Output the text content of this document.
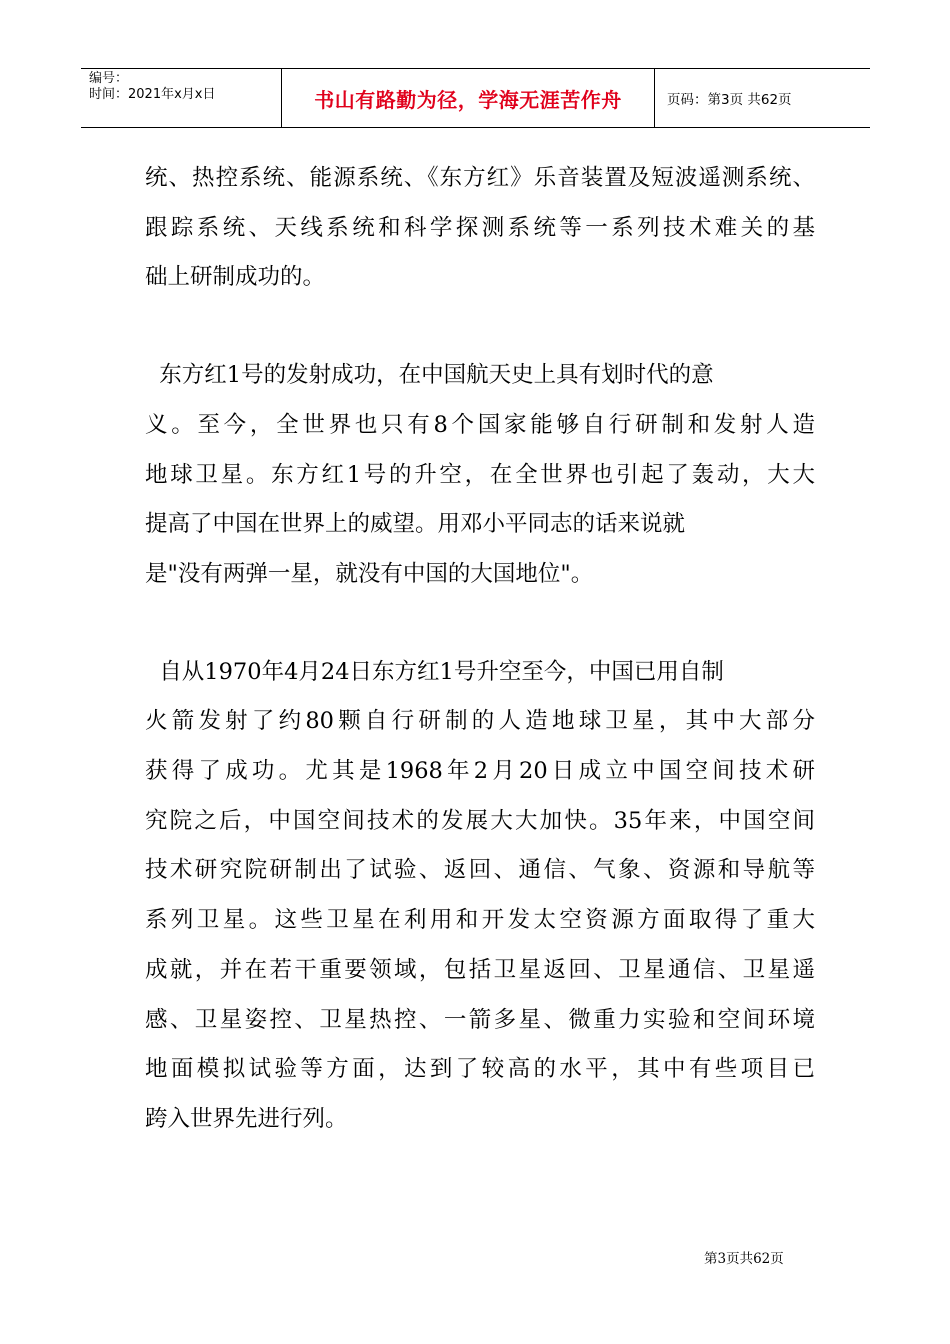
编号：
时间：2021年x月x日	书山有路勤为径，学海无涯苦作舟	页码：第3页 共62页

统、热控系统、能源系统、《东方红》乐音装置及短波遥测系统、
跟踪系统、天线系统和科学探测系统等一系列技术难关的基
础上研制成功的。

东方红1号的发射成功，在中国航天史上具有划时代的意
义。至今，全世界也只有8个国家能够自行研制和发射人造
地球卫星。东方红1号的升空，在全世界也引起了轰动，大大
提高了中国在世界上的威望。用邓小平同志的话来说就
是"没有两弹一星，就没有中国的大国地位"。

自从1970年4月24日东方红1号升空至今，中国已用自制
火箭发射了约80颗自行研制的人造地球卫星，其中大部分
获得了成功。尤其是1968年2月20日成立中国空间技术研
究院之后，中国空间技术的发展大大加快。35年来，中国空间
技术研究院研制出了试验、返回、通信、气象、资源和导航等
系列卫星。这些卫星在利用和开发太空资源方面取得了重大
成就，并在若干重要领域，包括卫星返回、卫星通信、卫星遥
感、卫星姿控、卫星热控、一箭多星、微重力实验和空间环境
地面模拟试验等方面，达到了较高的水平，其中有些项目已
跨入世界先进行列。

第3页共62页
